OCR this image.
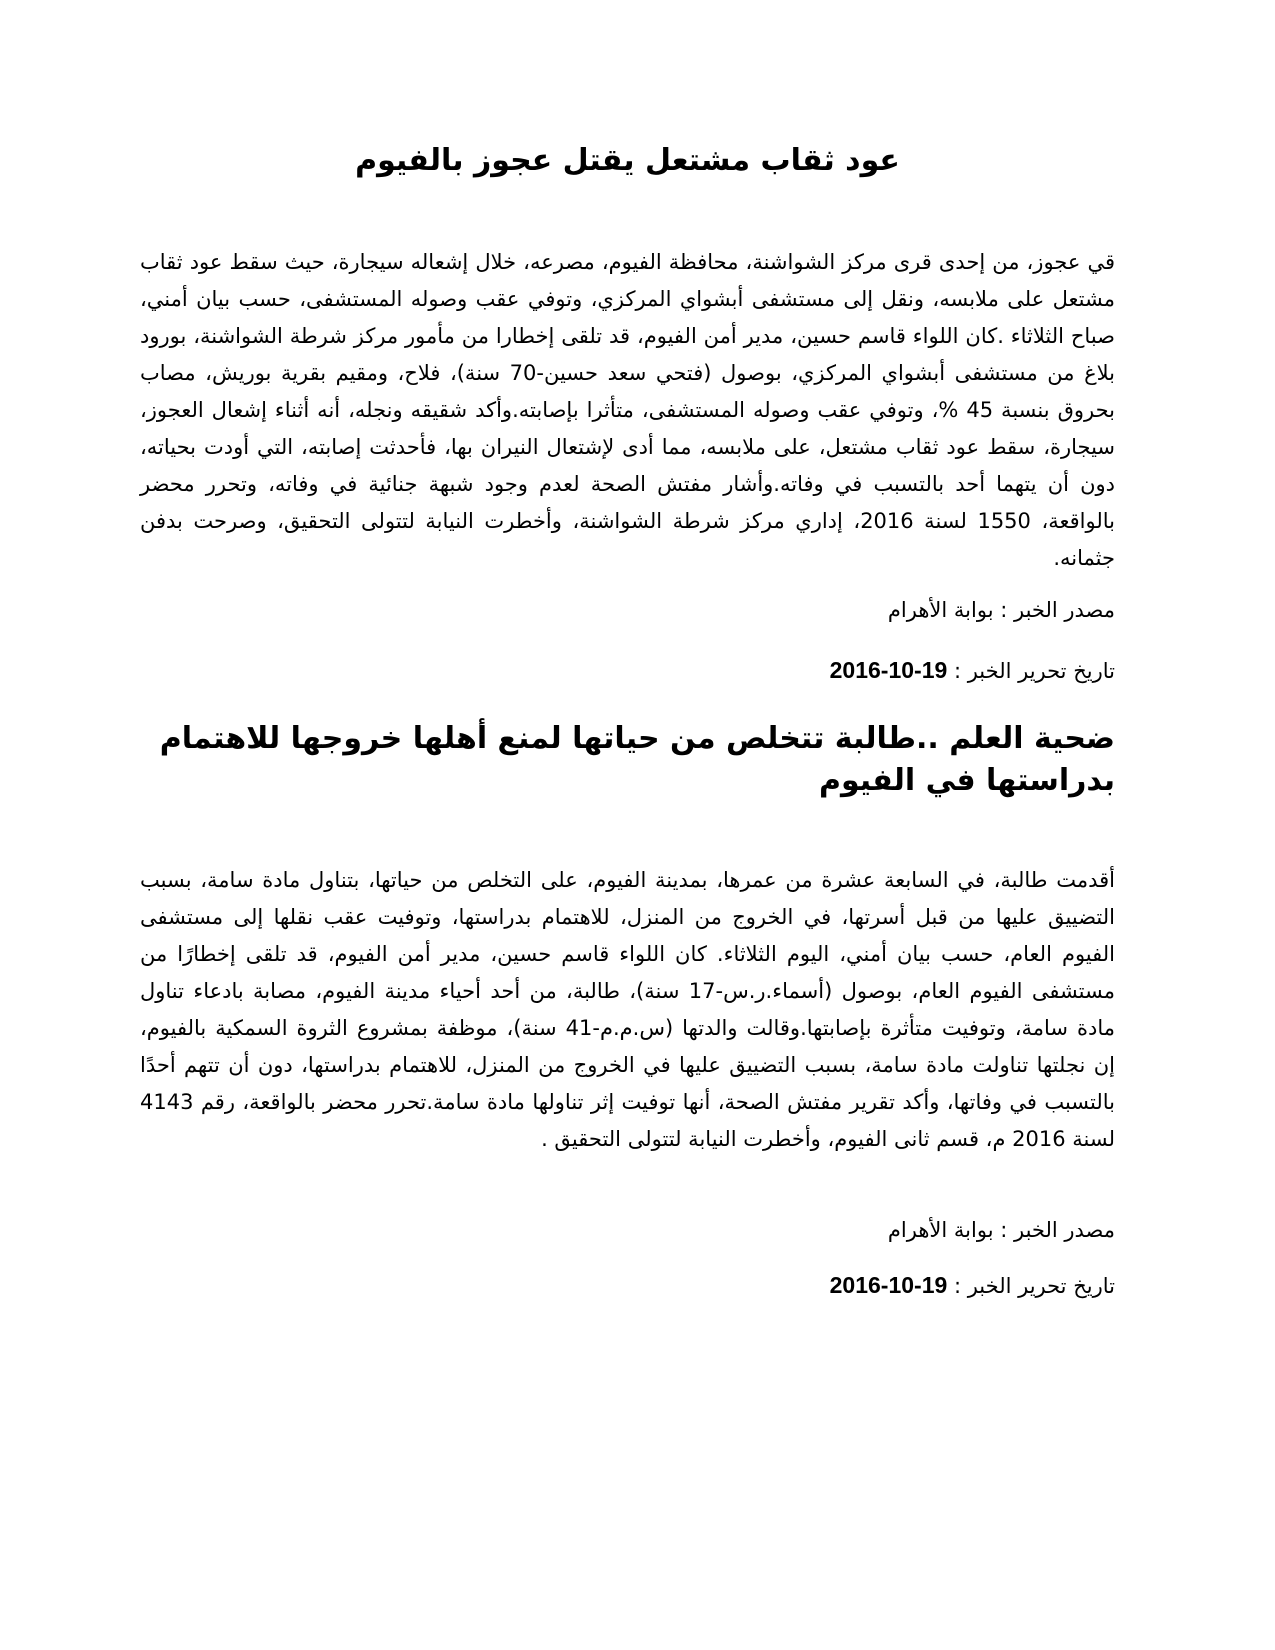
عود ثقاب مشتعل يقتل عجوز بالفيوم

قي عجوز، من إحدى قرى مركز الشواشنة، محافظة الفيوم، مصرعه، خلال إشعاله سيجارة، حيث سقط عود ثقاب مشتعل على ملابسه، ونقل إلى مستشفى أبشواي المركزي، وتوفي عقب وصوله المستشفى، حسب بيان أمني، صباح الثلاثاء .كان اللواء قاسم حسين، مدير أمن الفيوم، قد تلقى إخطارا من مأمور مركز شرطة الشواشنة، بورود بلاغ من مستشفى أبشواي المركزي، بوصول (فتحي سعد حسين-70 سنة)، فلاح، ومقيم بقرية بوريش، مصاب بحروق بنسبة 45 %، وتوفي عقب وصوله المستشفى، متأثرا بإصابته.وأكد شقيقه ونجله، أنه أثناء إشعال العجوز، سيجارة، سقط عود ثقاب مشتعل، على ملابسه، مما أدى لإشتعال النيران بها، فأحدثت إصابته، التي أودت بحياته، دون أن يتهما أحد بالتسبب في وفاته.وأشار مفتش الصحة لعدم وجود شبهة جنائية في وفاته، وتحرر محضر بالواقعة، 1550 لسنة 2016، إداري مركز شرطة الشواشنة، وأخطرت النيابة لتتولى التحقيق، وصرحت بدفن جثمانه.

مصدر الخبر : بوابة الأهرام

تاريخ تحرير الخبر : 2016-10-19

ضحية العلم ..طالبة تتخلص من حياتها لمنع أهلها خروجها للاهتمام بدراستها في الفيوم

أقدمت طالبة، في السابعة عشرة من عمرها، بمدينة الفيوم، على التخلص من حياتها، بتناول مادة سامة، بسبب التضييق عليها من قبل أسرتها، في الخروج من المنزل، للاهتمام بدراستها، وتوفيت عقب نقلها إلى مستشفى الفيوم العام، حسب بيان أمني، اليوم الثلاثاء. كان اللواء قاسم حسين، مدير أمن الفيوم، قد تلقى إخطارًا من مستشفى الفيوم العام، بوصول (أسماء.ر.س-17 سنة)، طالبة، من أحد أحياء مدينة الفيوم، مصابة بادعاء تناول مادة سامة، وتوفيت متأثرة بإصابتها.وقالت والدتها (س.م.م-41 سنة)، موظفة بمشروع الثروة السمكية بالفيوم، إن نجلتها تناولت مادة سامة، بسبب التضييق عليها في الخروج من المنزل، للاهتمام بدراستها، دون أن تتهم أحدًا بالتسبب في وفاتها، وأكد تقرير مفتش الصحة، أنها توفيت إثر تناولها مادة سامة.تحرر محضر بالواقعة، رقم 4143 لسنة 2016 م، قسم ثانى الفيوم، وأخطرت النيابة لتتولى التحقيق .

مصدر الخبر : بوابة الأهرام

تاريخ تحرير الخبر : 2016-10-19
